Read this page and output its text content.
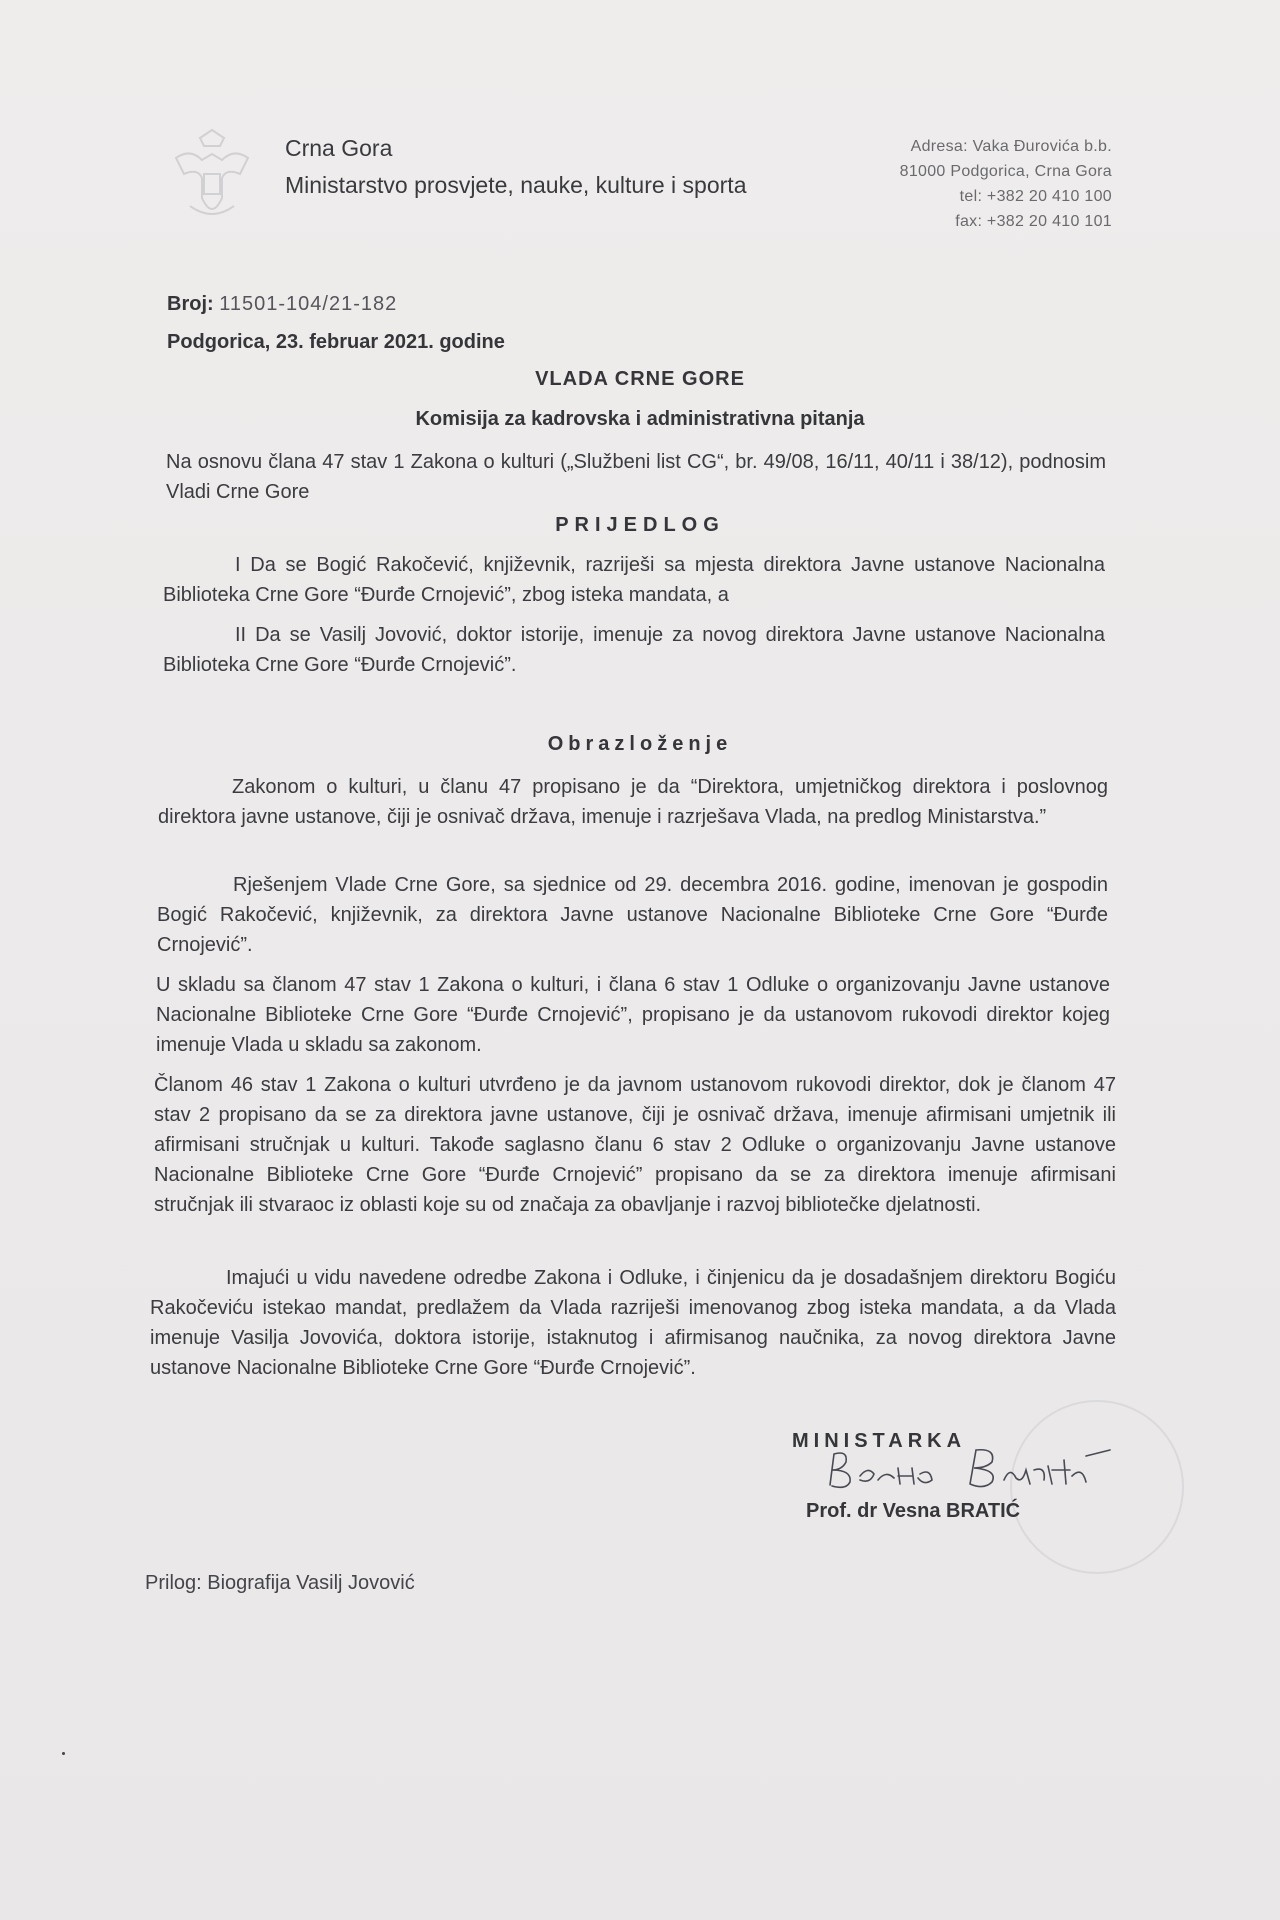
Crna Gora
Ministarstvo prosvjete, nauke, kulture i sporta
Adresa: Vaka Đurovića b.b.
81000 Podgorica, Crna Gora
tel: +382 20 410 100
fax: +382 20 410 101
Broj: 11501-104/21-182
Podgorica, 23. februar 2021. godine
VLADA CRNE GORE
Komisija za kadrovska i administrativna pitanja

Na osnovu člana 47 stav 1 Zakona o kulturi („Službeni list CG“, br. 49/08, 16/11, 40/11 i 38/12), podnosim Vladi Crne Gore

PRIJEDLOG

I Da se Bogić Rakočević, književnik, razriješi sa mjesta direktora Javne ustanove Nacionalna Biblioteka Crne Gore “Đurđe Crnojević”, zbog isteka mandata, a

II Da se Vasilj Jovović, doktor istorije, imenuje za novog direktora Javne ustanove Nacionalna Biblioteka Crne Gore “Đurđe Crnojević”.

Obrazloženje

Zakonom o kulturi, u članu 47 propisano je da “Direktora, umjetničkog direktora i poslovnog direktora javne ustanove, čiji je osnivač država, imenuje i razrješava Vlada, na predlog Ministarstva.”

Rješenjem Vlade Crne Gore, sa sjednice od 29. decembra 2016. godine, imenovan je gospodin Bogić Rakočević, književnik, za direktora Javne ustanove Nacionalne Biblioteke Crne Gore “Đurđe Crnojević”.

U skladu sa članom 47 stav 1 Zakona o kulturi, i člana 6 stav 1 Odluke o organizovanju Javne ustanove Nacionalne Biblioteke Crne Gore “Đurđe Crnojević”, propisano je da ustanovom rukovodi direktor kojeg imenuje Vlada u skladu sa zakonom.

Članom 46 stav 1 Zakona o kulturi utvrđeno je da javnom ustanovom rukovodi direktor, dok je članom 47 stav 2 propisano da se za direktora javne ustanove, čiji je osnivač država, imenuje afirmisani umjetnik ili afirmisani stručnjak u kulturi. Takođe saglasno članu 6 stav 2 Odluke o organizovanju Javne ustanove Nacionalne Biblioteke Crne Gore “Đurđe Crnojević” propisano da se za direktora imenuje afirmisani stručnjak ili stvaraoc iz oblasti koje su od značaja za obavljanje i razvoj bibliotečke djelatnosti.

Imajući u vidu navedene odredbe Zakona i Odluke, i činjenicu da je dosadašnjem direktoru Bogiću Rakočeviću istekao mandat, predlažem da Vlada razriješi imenovanog zbog isteka mandata, a da Vlada imenuje Vasilja Jovovića, doktora istorije, istaknutog i afirmisanog naučnika, za novog direktora Javne ustanove Nacionalne Biblioteke Crne Gore “Đurđe Crnojević”.

MINISTARKA
Prof. dr Vesna BRATIĆ
Prilog: Biografija Vasilj Jovović
